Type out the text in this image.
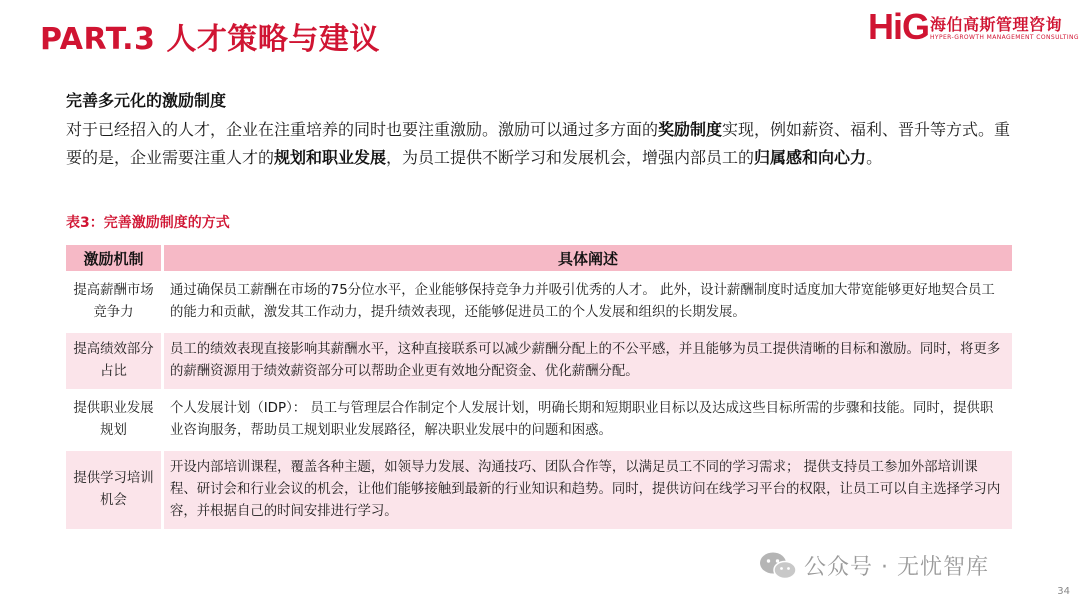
PART.3 人才策略与建议	HiG 海伯高斯管理咨询
HYPER-GROWTH MANAGEMENT CONSULTING
完善多元化的激励制度
对于已经招入的人才，企业在注重培养的同时也要注重激励。激励可以通过多方面的奖励制度实现，例如薪资、福利、晋升等方式。重要的是，企业需要注重人才的规划和职业发展，为员工提供不断学习和发展机会，增强内部员工的归属感和向心力。
表3：完善激励制度的方式
激励机制	具体阐述
提高薪酬市场竞争力	通过确保员工薪酬在市场的75分位水平，企业能够保持竞争力并吸引优秀的人才。 此外，设计薪酬制度时适度加大带宽能够更好地契合员工的能力和贡献，激发其工作动力，提升绩效表现，还能够促进员工的个人发展和组织的长期发展。
提高绩效部分占比	员工的绩效表现直接影响其薪酬水平，这种直接联系可以减少薪酬分配上的不公平感，并且能够为员工提供清晰的目标和激励。同时，将更多的薪酬资源用于绩效薪资部分可以帮助企业更有效地分配资金、优化薪酬分配。
提供职业发展规划	个人发展计划（IDP）： 员工与管理层合作制定个人发展计划，明确长期和短期职业目标以及达成这些目标所需的步骤和技能。同时，提供职业咨询服务，帮助员工规划职业发展路径，解决职业发展中的问题和困惑。
提供学习培训机会	开设内部培训课程，覆盖各种主题，如领导力发展、沟通技巧、团队合作等，以满足员工不同的学习需求； 提供支持员工参加外部培训课程、研讨会和行业会议的机会，让他们能够接触到最新的行业知识和趋势。同时，提供访问在线学习平台的权限，让员工可以自主选择学习内容，并根据自己的时间安排进行学习。
公众号 · 无忧智库
34
